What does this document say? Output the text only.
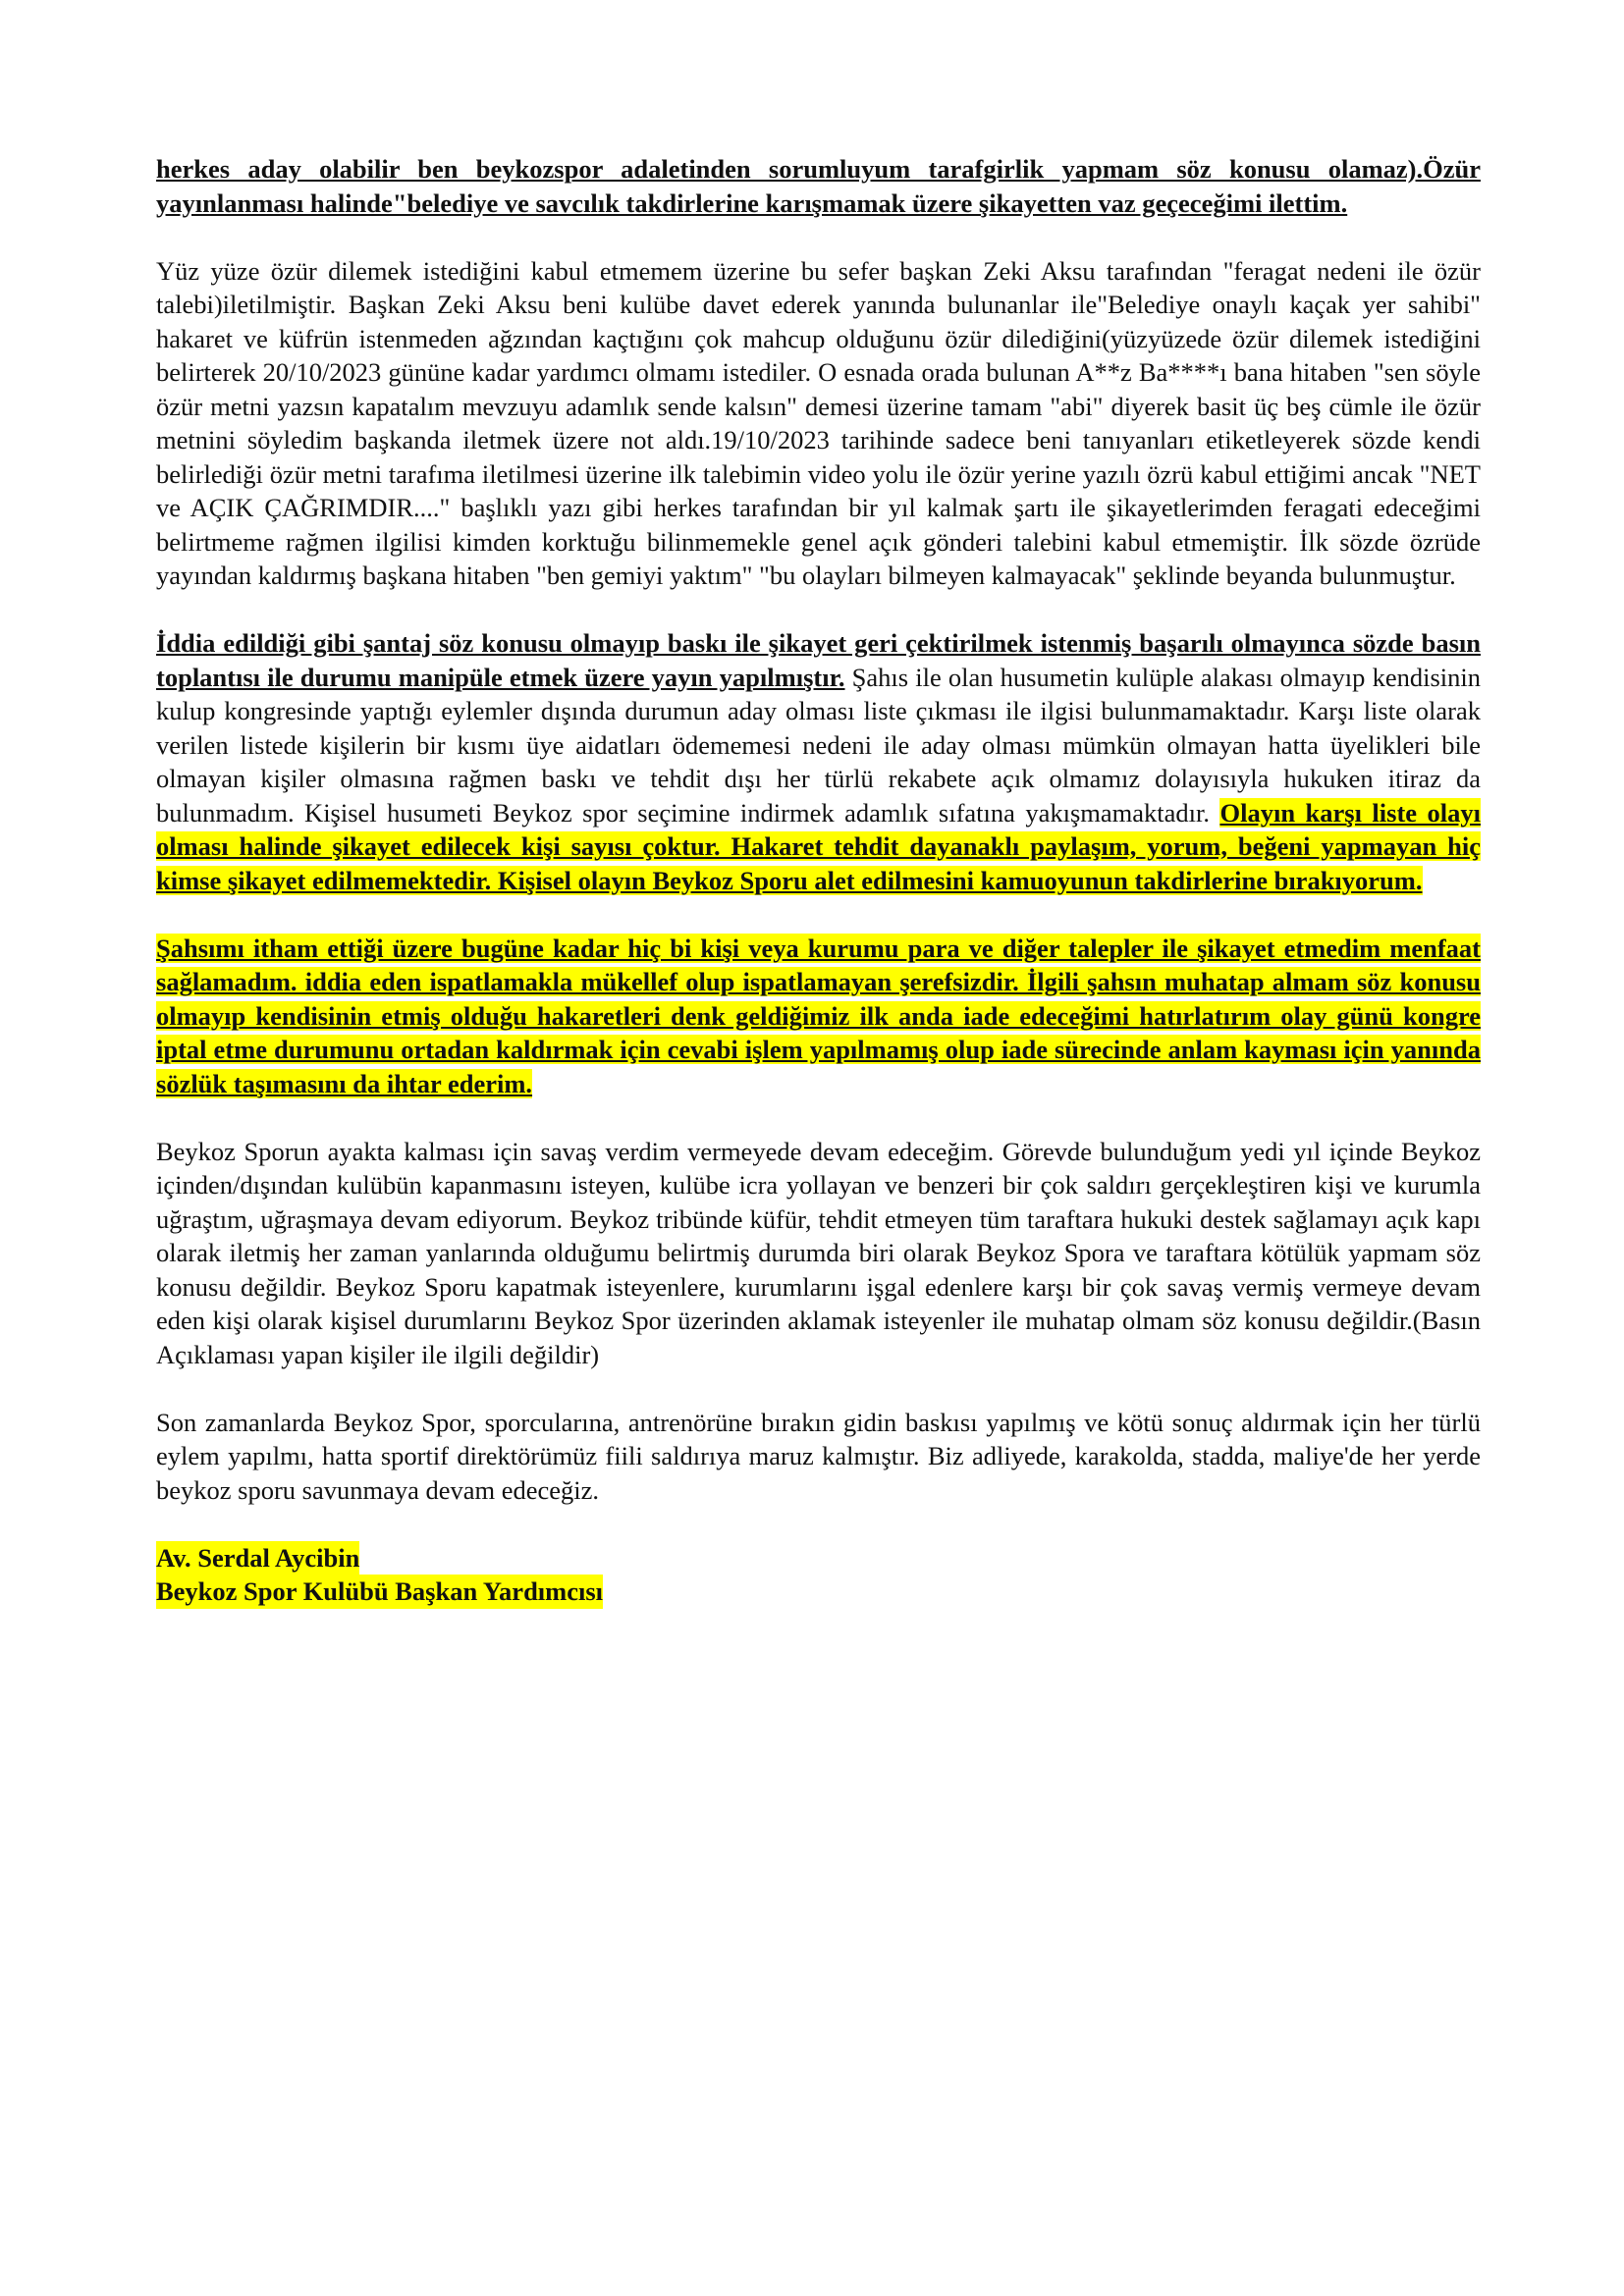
herkes aday olabilir ben beykozspor adaletinden sorumluyum tarafgirlik yapmam söz konusu olamaz).Özür yayınlanması halinde"belediye ve savcılık takdirlerine karışmamak üzere şikayetten vaz geçeceğimi ilettim.

Yüz yüze özür dilemek istediğini kabul etmemem üzerine bu sefer başkan Zeki Aksu tarafından "feragat nedeni ile özür talebi)iletilmiştir. Başkan Zeki Aksu beni kulübe davet ederek yanında bulunanlar ile"Belediye onaylı kaçak yer sahibi" hakaret ve küfrün istenmeden ağzından kaçtığını çok mahcup olduğunu özür dilediğini(yüzyüzede özür dilemek istediğini belirterek 20/10/2023 gününe kadar yardımcı olmamı istediler. O esnada orada bulunan A**z Ba****ı bana hitaben "sen söyle özür metni yazsın kapatalım mevzuyu adamlık sende kalsın" demesi üzerine tamam "abi" diyerek basit üç beş cümle ile özür metnini söyledim başkanda iletmek üzere not aldı.19/10/2023 tarihinde sadece beni tanıyanları etiketleyerek sözde kendi belirlediği özür metni tarafıma iletilmesi üzerine ilk talebimin video yolu ile özür yerine yazılı özrü kabul ettiğimi ancak "NET ve AÇIK ÇAĞRIMDIR...." başlıklı yazı gibi herkes tarafından bir yıl kalmak şartı ile şikayetlerimden feragati edeceğimi belirtmeme rağmen ilgilisi kimden korktuğu bilinmemekle genel açık gönderi talebini kabul etmemiştir. İlk sözde özrüde yayından kaldırmış başkana hitaben "ben gemiyi yaktım" "bu olayları bilmeyen kalmayacak" şeklinde beyanda bulunmuştur.

İddia edildiği gibi şantaj söz konusu olmayıp baskı ile şikayet geri çektirilmek istenmiş başarılı olmayınca sözde basın toplantısı ile durumu manipüle etmek üzere yayın yapılmıştır. Şahıs ile olan husumetin kulüple alakası olmayıp kendisinin kulup kongresinde yaptığı eylemler dışında durumun aday olması liste çıkması ile ilgisi bulunmamaktadır. Karşı liste olarak verilen listede kişilerin bir kısmı üye aidatları ödememesi nedeni ile aday olması mümkün olmayan hatta üyelikleri bile olmayan kişiler olmasına rağmen baskı ve tehdit dışı her türlü rekabete açık olmamız dolayısıyla hukuken itiraz da bulunmadım. Kişisel husumeti Beykoz spor seçimine indirmek adamlık sıfatına yakışmamaktadır. Olayın karşı liste olayı olması halinde şikayet edilecek kişi sayısı çoktur. Hakaret tehdit dayanaklı paylaşım, yorum, beğeni yapmayan hiç kimse şikayet edilmemektedir. Kişisel olayın Beykoz Sporu alet edilmesini kamuoyunun takdirlerine bırakıyorum.

Şahsımı itham ettiği üzere bugüne kadar hiç bi kişi veya kurumu para ve diğer talepler ile şikayet etmedim menfaat sağlamadım. iddia eden ispatlamakla mükellef olup ispatlamayan şerefsizdir. İlgili şahsın muhatap almam söz konusu olmayıp kendisinin etmiş olduğu hakaretleri denk geldiğimiz ilk anda iade edeceğimi hatırlatırım olay günü kongre iptal etme durumunu ortadan kaldırmak için cevabi işlem yapılmamış olup iade sürecinde anlam kayması için yanında sözlük taşımasını da ihtar ederim.

Beykoz Sporun ayakta kalması için savaş verdim vermeyede devam edeceğim. Görevde bulunduğum yedi yıl içinde Beykoz içinden/dışından kulübün kapanmasını isteyen, kulübe icra yollayan ve benzeri bir çok saldırı gerçekleştiren kişi ve kurumla uğraştım, uğraşmaya devam ediyorum. Beykoz tribünde küfür, tehdit etmeyen tüm taraftara hukuki destek sağlamayı açık kapı olarak iletmiş her zaman yanlarında olduğumu belirtmiş durumda biri olarak Beykoz Spora ve taraftara kötülük yapmam söz konusu değildir. Beykoz Sporu kapatmak isteyenlere, kurumlarını işgal edenlere karşı bir çok savaş vermiş vermeye devam eden kişi olarak kişisel durumlarını Beykoz Spor üzerinden aklamak isteyenler ile muhatap olmam söz konusu değildir.(Basın Açıklaması yapan kişiler ile ilgili değildir)

Son zamanlarda Beykoz Spor, sporcularına, antrenörüne bırakın gidin baskısı yapılmış ve kötü sonuç aldırmak için her türlü eylem yapılmı, hatta sportif direktörümüz fiili saldırıya maruz kalmıştır. Biz adliyede, karakolda, stadda, maliye'de her yerde beykoz sporu savunmaya devam edeceğiz.

Av. Serdal Aycibin
Beykoz Spor Kulübü Başkan Yardımcısı
